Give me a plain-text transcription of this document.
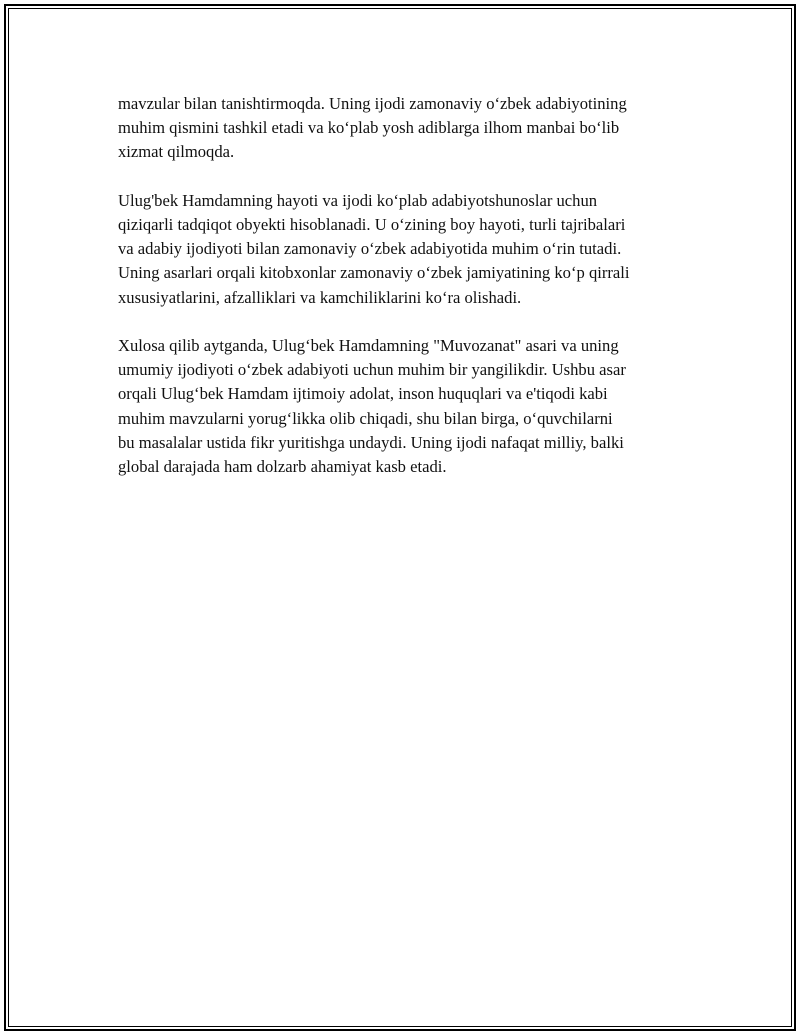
mavzular bilan tanishtirmoqda. Uning ijodi zamonaviy o‘zbek adabiyotining
muhim qismini tashkil etadi va ko‘plab yosh adiblarga ilhom manbai bo‘lib
xizmat qilmoqda.

Ulug'bek Hamdamning hayoti va ijodi ko‘plab adabiyotshunoslar uchun
qiziqarli tadqiqot obyekti hisoblanadi. U o‘zining boy hayoti, turli tajribalari
va adabiy ijodiyoti bilan zamonaviy o‘zbek adabiyotida muhim o‘rin tutadi.
Uning asarlari orqali kitobxonlar zamonaviy o‘zbek jamiyatining ko‘p qirrali
xususiyatlarini, afzalliklari va kamchiliklarini ko‘ra olishadi.

Xulosa qilib aytganda, Ulug‘bek Hamdamning "Muvozanat" asari va uning
umumiy ijodiyoti o‘zbek adabiyoti uchun muhim bir yangilikdir. Ushbu asar
orqali Ulug‘bek Hamdam ijtimoiy adolat, inson huquqlari va e'tiqodi kabi
muhim mavzularni yorug‘likka olib chiqadi, shu bilan birga, o‘quvchilarni
bu masalalar ustida fikr yuritishga undaydi. Uning ijodi nafaqat milliy, balki
global darajada ham dolzarb ahamiyat kasb etadi.
